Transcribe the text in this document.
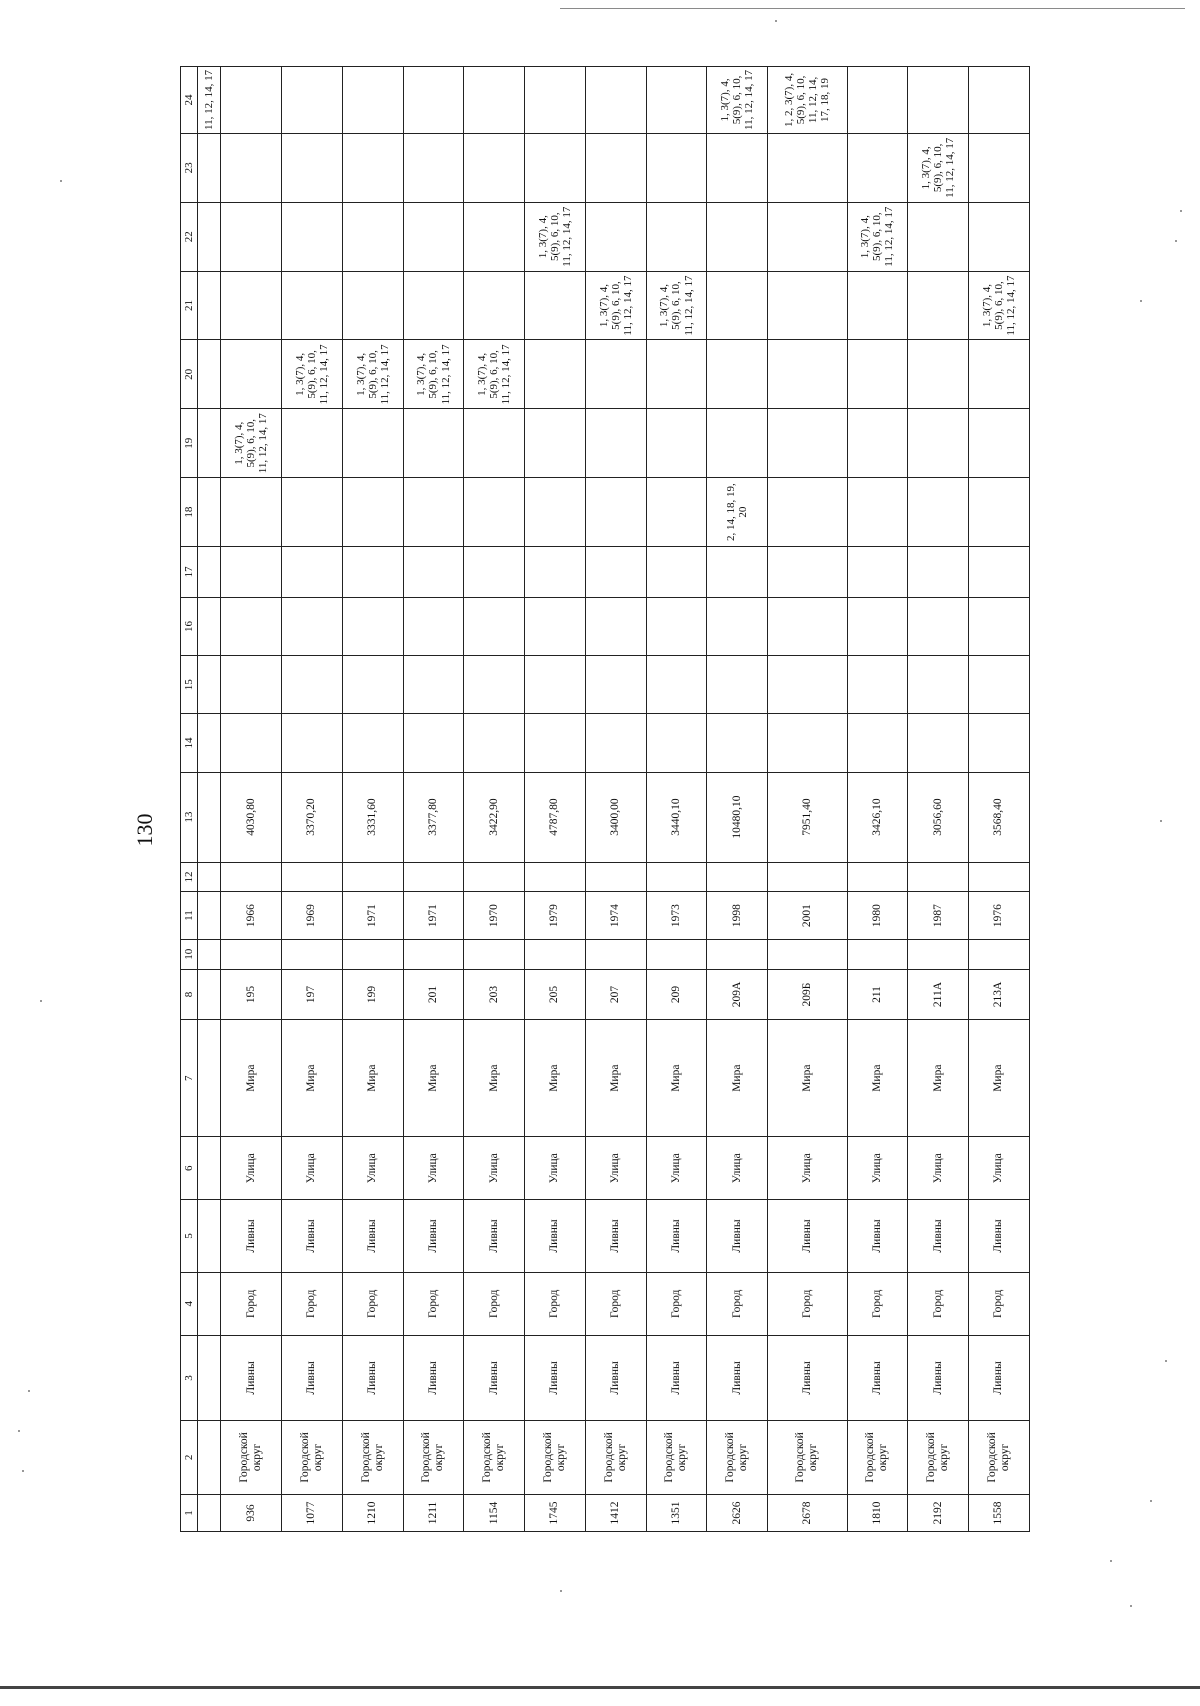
130
1	2	3	4	5	6	7	8	10	11	12	13	14	15	16	17	18	19	20	21	22	23	24
																						11, 12, 14, 17
936	Городской округ	Ливны	Город	Ливны	Улица	Мира	195		1966		4030,80						1, 3(7), 4, 5(9), 6, 10, 11, 12, 14, 17					
1077	Городской округ	Ливны	Город	Ливны	Улица	Мира	197		1969		3370,20							1, 3(7), 4, 5(9), 6, 10, 11, 12, 14, 17				
1210	Городской округ	Ливны	Город	Ливны	Улица	Мира	199		1971		3331,60							1, 3(7), 4, 5(9), 6, 10, 11, 12, 14, 17				
1211	Городской округ	Ливны	Город	Ливны	Улица	Мира	201		1971		3377,80							1, 3(7), 4, 5(9), 6, 10, 11, 12, 14, 17				
1154	Городской округ	Ливны	Город	Ливны	Улица	Мира	203		1970		3422,90							1, 3(7), 4, 5(9), 6, 10, 11, 12, 14, 17				
1745	Городской округ	Ливны	Город	Ливны	Улица	Мира	205		1979		4787,80									1, 3(7), 4, 5(9), 6, 10, 11, 12, 14, 17		
1412	Городской округ	Ливны	Город	Ливны	Улица	Мира	207		1974		3400,00								1, 3(7), 4, 5(9), 6, 10, 11, 12, 14, 17			
1351	Городской округ	Ливны	Город	Ливны	Улица	Мира	209		1973		3440,10								1, 3(7), 4, 5(9), 6, 10, 11, 12, 14, 17			
2626	Городской округ	Ливны	Город	Ливны	Улица	Мира	209А		1998		10480,10					2, 14, 18, 19, 20						1, 3(7), 4, 5(9), 6, 10, 11, 12, 14, 17
2678	Городской округ	Ливны	Город	Ливны	Улица	Мира	209Б		2001		7951,40											1, 2, 3(7), 4, 5(9), 6, 10, 11, 12, 14, 17, 18, 19
1810	Городской округ	Ливны	Город	Ливны	Улица	Мира	211		1980		3426,10									1, 3(7), 4, 5(9), 6, 10, 11, 12, 14, 17		
2192	Городской округ	Ливны	Город	Ливны	Улица	Мира	211А		1987		3056,60										1, 3(7), 4, 5(9), 6, 10, 11, 12, 14, 17	
1558	Городской округ	Ливны	Город	Ливны	Улица	Мира	213А		1976		3568,40								1, 3(7), 4, 5(9), 6, 10, 11, 12, 14, 17			
